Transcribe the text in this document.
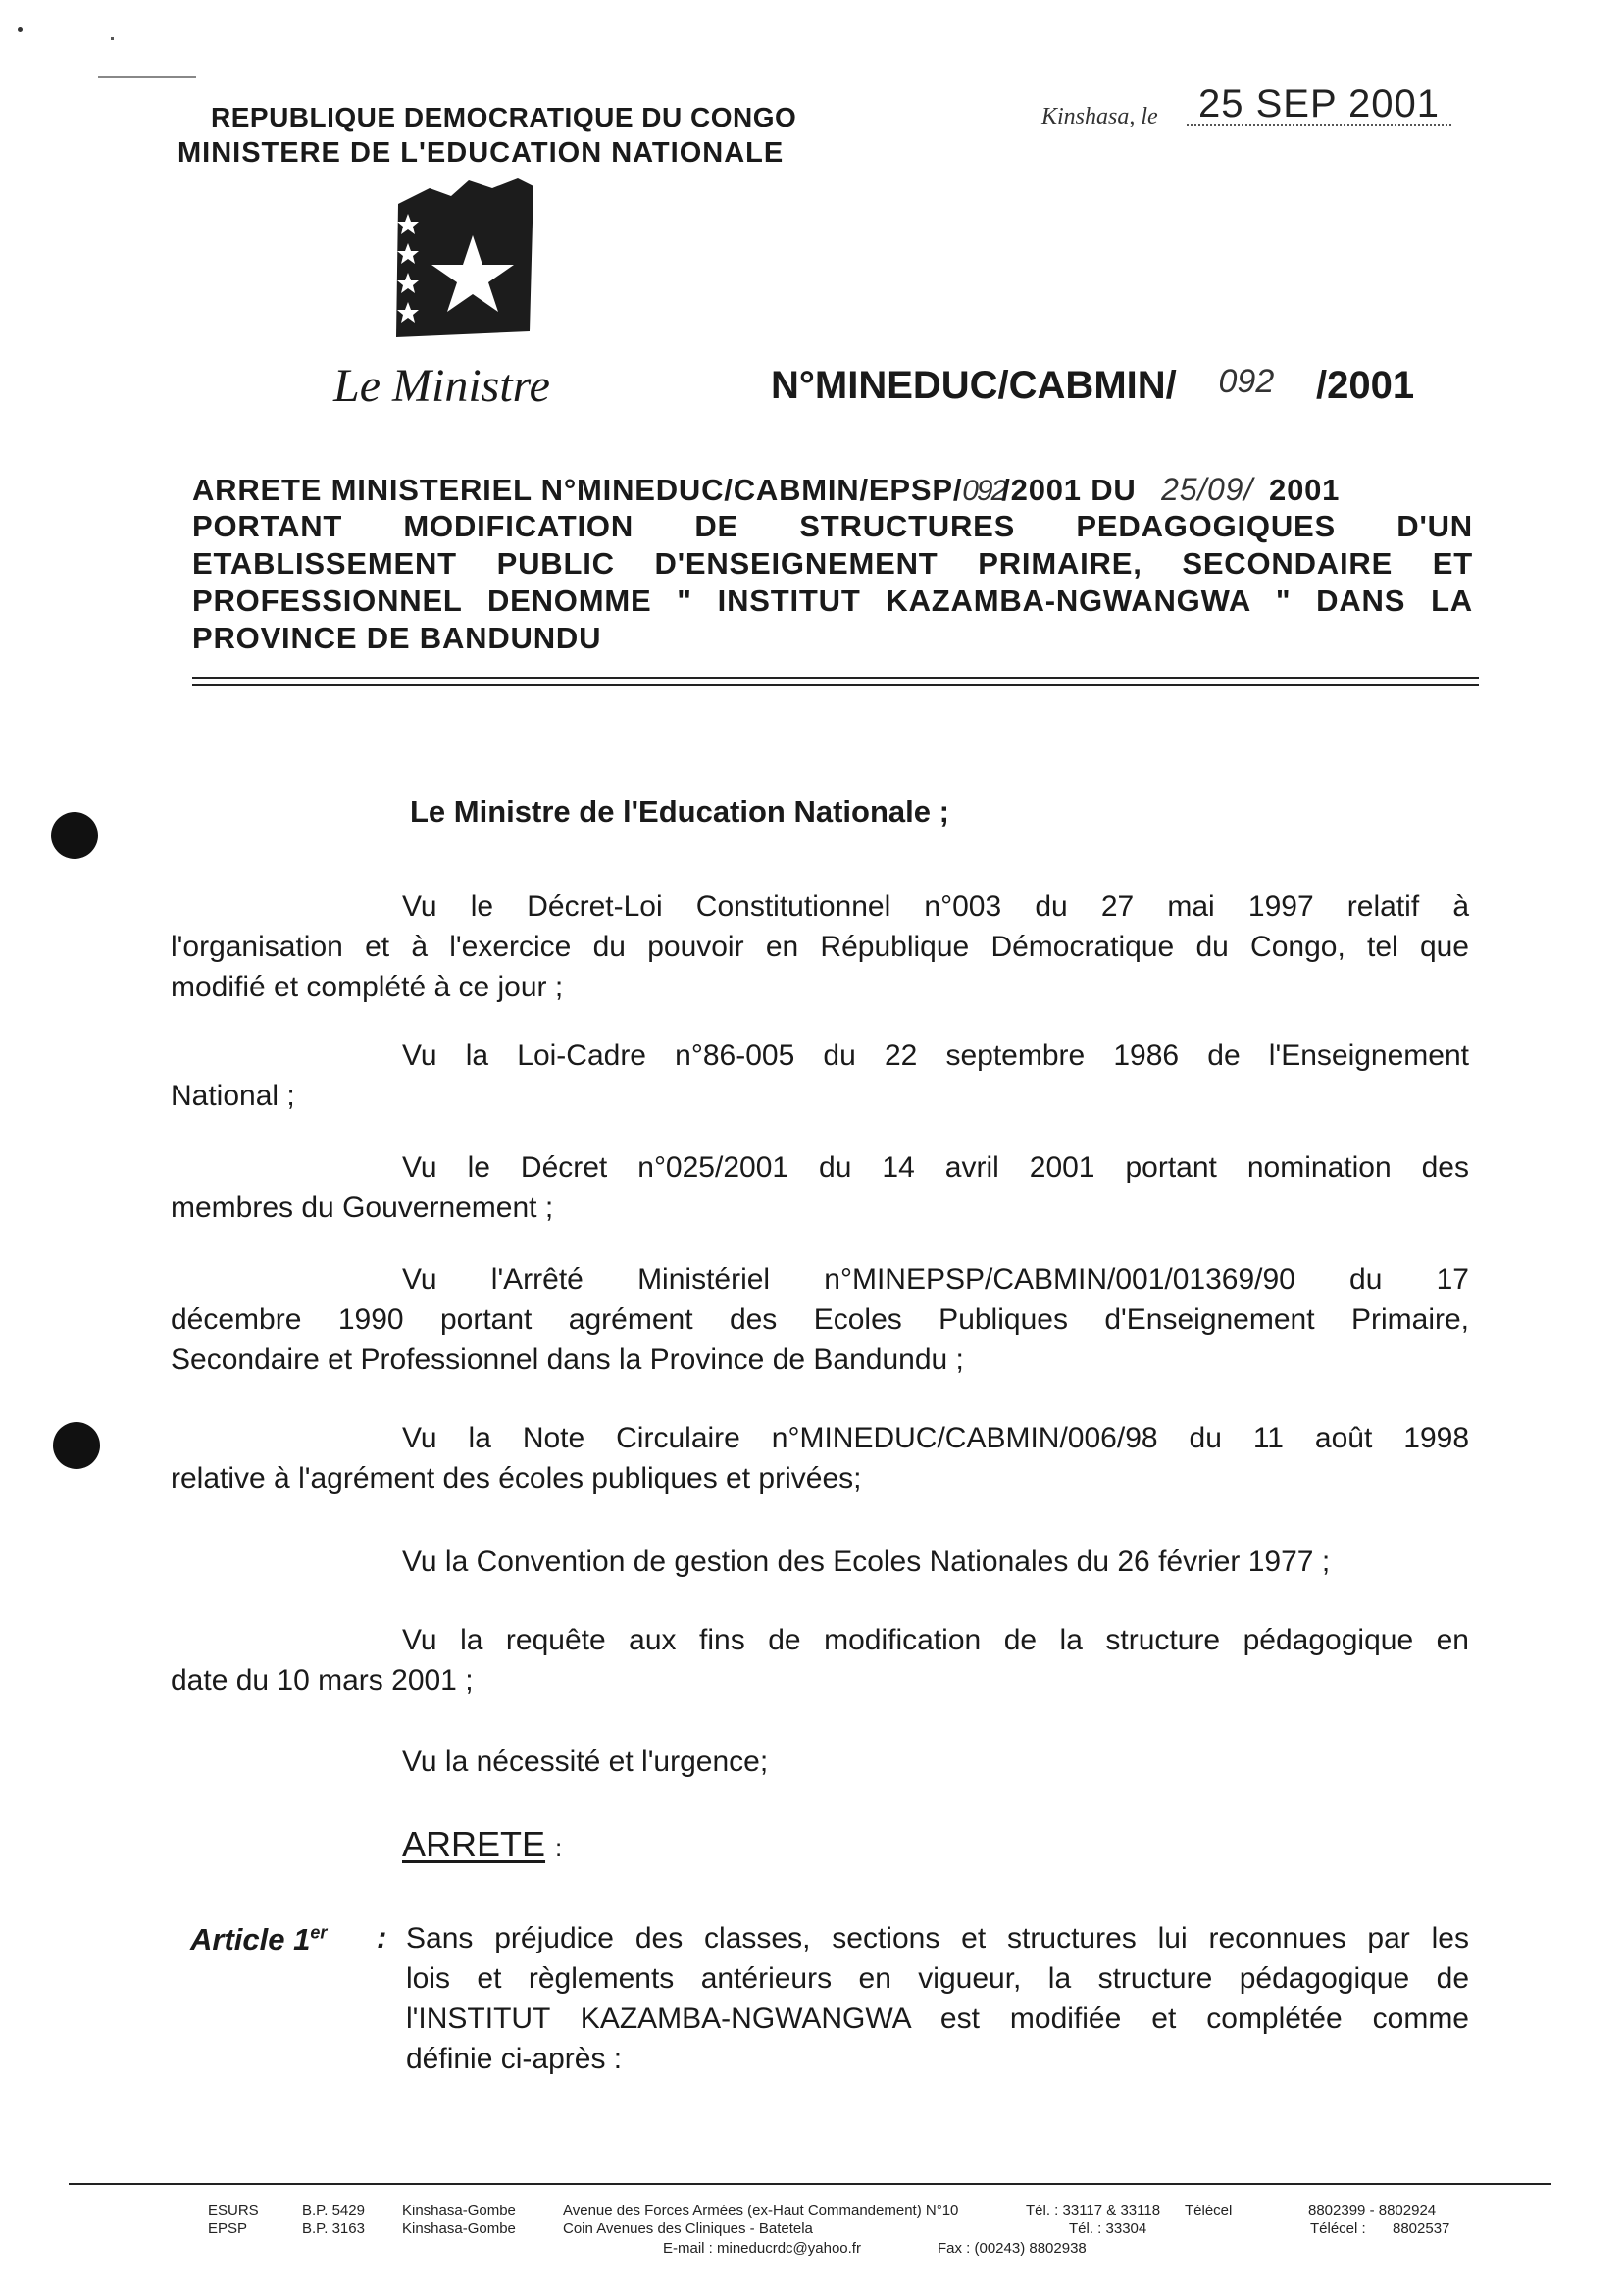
REPUBLIQUE DEMOCRATIQUE DU CONGO
MINISTERE DE L'EDUCATION NATIONALE
Kinshasa, le 25 SEP 2001
Le Ministre	N°MINEDUC/CABMIN/ 092 /2001
ARRETE MINISTERIEL N°MINEDUC/CABMIN/EPSP/092/2001 DU 25/09/ 2001
PORTANT MODIFICATION DE STRUCTURES PEDAGOGIQUES D'UN
ETABLISSEMENT PUBLIC D'ENSEIGNEMENT PRIMAIRE, SECONDAIRE ET
PROFESSIONNEL DENOMME " INSTITUT KAZAMBA-NGWANGWA " DANS LA
PROVINCE DE BANDUNDU
Le Ministre de l'Education Nationale ;
Vu le Décret-Loi Constitutionnel n°003 du 27 mai 1997 relatif à
l'organisation et à l'exercice du pouvoir en République Démocratique du Congo, tel que
modifié et complété à ce jour ;
Vu la Loi-Cadre n°86-005 du 22 septembre 1986 de l'Enseignement
National ;
Vu le Décret n°025/2001 du 14 avril 2001 portant nomination des
membres du Gouvernement ;
Vu l'Arrêté Ministériel n°MINEPSP/CABMIN/001/01369/90 du 17
décembre 1990 portant agrément des Ecoles Publiques d'Enseignement Primaire,
Secondaire et Professionnel dans la Province de Bandundu ;
Vu la Note Circulaire n°MINEDUC/CABMIN/006/98 du 11 août 1998
relative à l'agrément des écoles publiques et privées;
Vu la Convention de gestion des Ecoles Nationales du 26 février 1977 ;
Vu la requête aux fins de modification de la structure pédagogique en
date du 10 mars 2001 ;
Vu la nécessité et l'urgence;
ARRETE :
Article 1er : Sans préjudice des classes, sections et structures lui reconnues par les
lois et règlements antérieurs en vigueur, la structure pédagogique de
l'INSTITUT KAZAMBA-NGWANGWA est modifiée et complétée comme
définie ci-après :
ESURS	B.P. 5429	Kinshasa-Gombe	Avenue des Forces Armées (ex-Haut Commandement) N°10	Tél. : 33117 & 33118 Télécel	8802399 - 8802924
EPSP	B.P. 3163	Kinshasa-Gombe	Coin Avenues des Cliniques - Batetela	Tél. : 33304	Télécel : 8802537
E-mail : mineducrdc@yahoo.fr	Fax : (00243) 8802938
